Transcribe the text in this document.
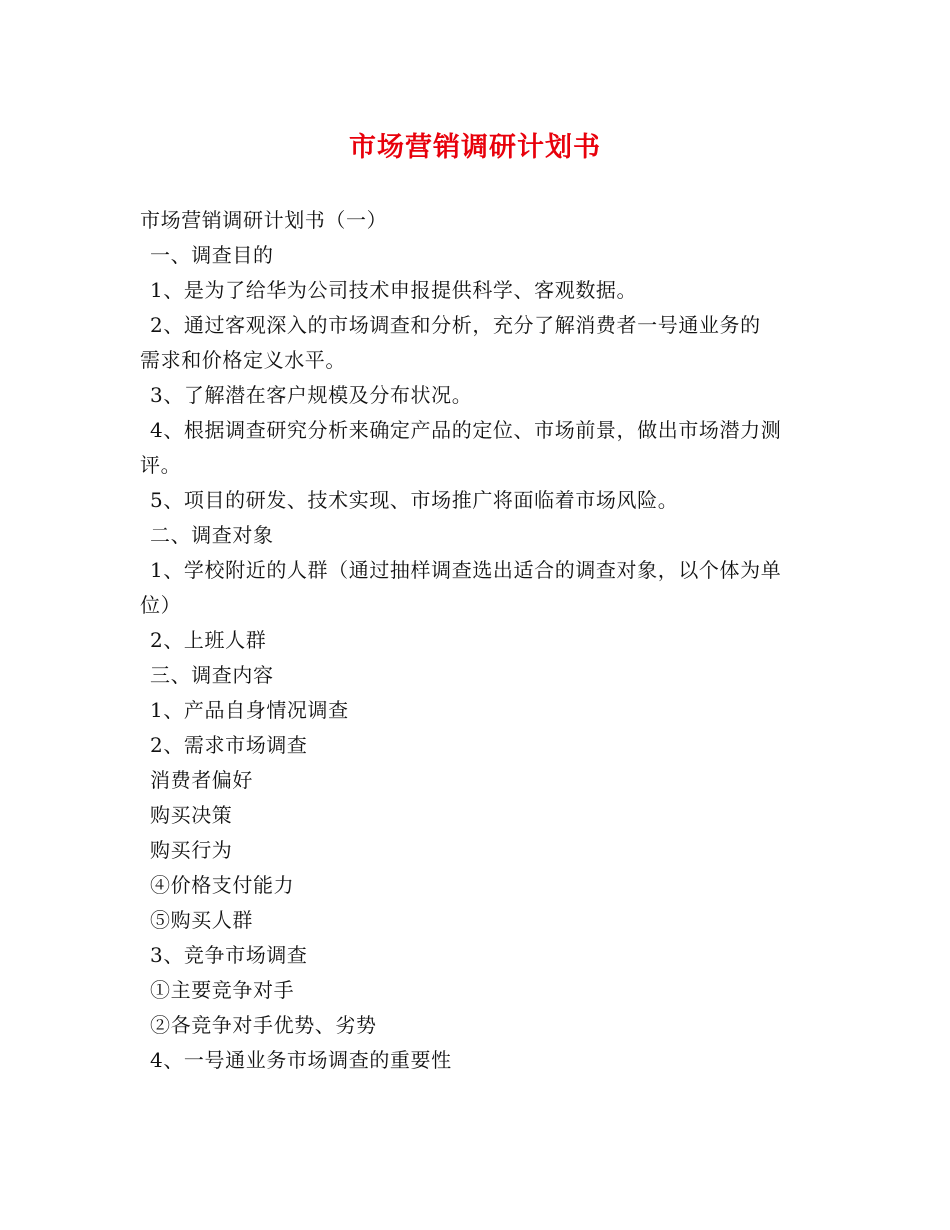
市场营销调研计划书
市场营销调研计划书（一）
一、调查目的
1、是为了给华为公司技术申报提供科学、客观数据。
2、通过客观深入的市场调查和分析，充分了解消费者一号通业务的
需求和价格定义水平。
3、了解潜在客户规模及分布状况。
4、根据调查研究分析来确定产品的定位、市场前景，做出市场潜力测
评。
5、项目的研发、技术实现、市场推广将面临着市场风险。
二、调查对象
1、学校附近的人群（通过抽样调查选出适合的调查对象，以个体为单
位）
2、上班人群
三、调查内容
1、产品自身情况调查
2、需求市场调查
消费者偏好
购买决策
购买行为
④价格支付能力
⑤购买人群
3、竞争市场调查
①主要竞争对手
②各竞争对手优势、劣势
4、一号通业务市场调查的重要性
